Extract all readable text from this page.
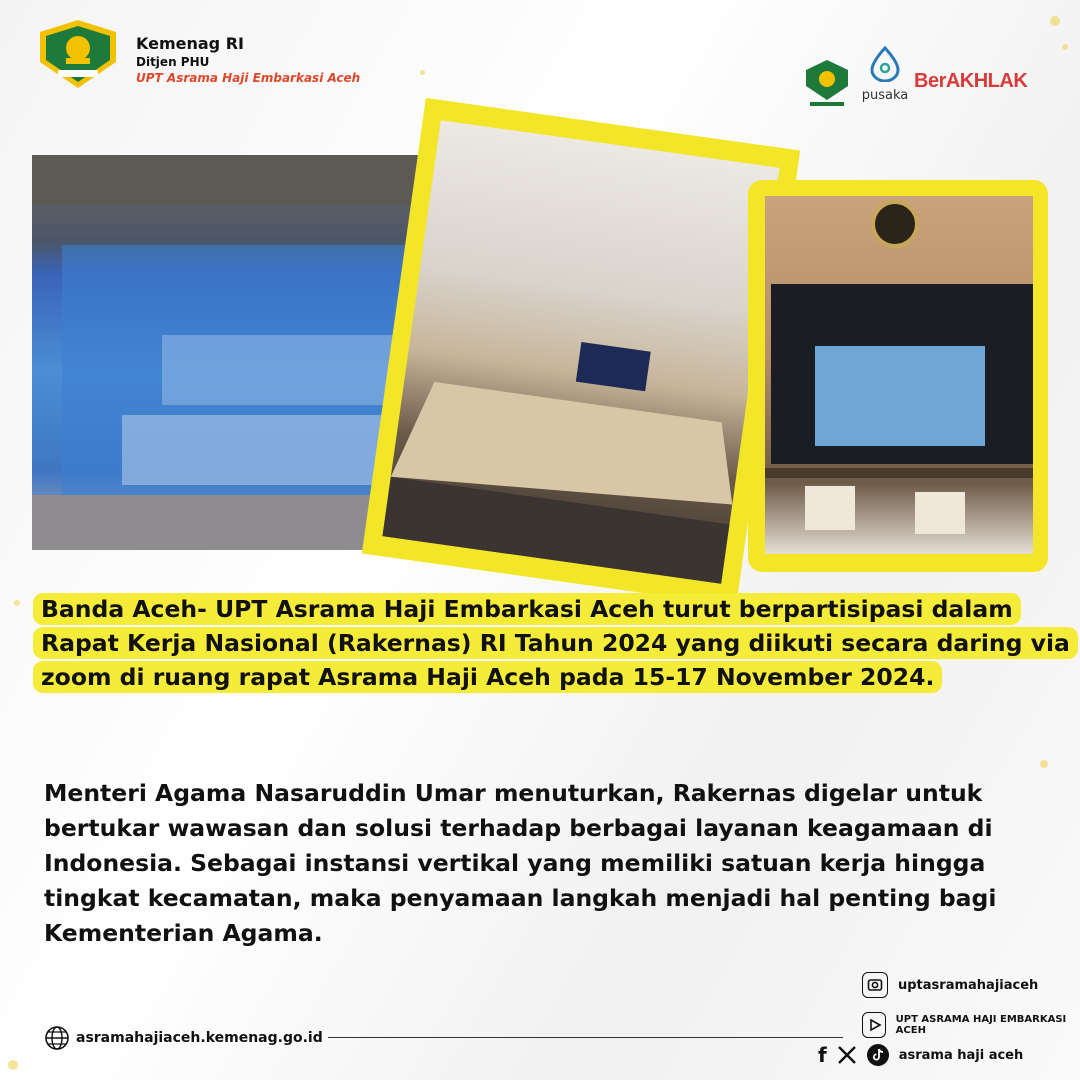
Kemenag RI
Ditjen PHU
UPT Asrama Haji Embarkasi Aceh
pusaka
BerAKHLAK
Banda Aceh- UPT Asrama Haji Embarkasi Aceh turut berpartisipasi dalam Rapat Kerja Nasional (Rakernas) RI Tahun 2024 yang diikuti secara daring via zoom di ruang rapat Asrama Haji Aceh pada 15-17 November 2024.

Menteri Agama Nasaruddin Umar menuturkan, Rakernas digelar untuk bertukar wawasan dan solusi terhadap berbagai layanan keagamaan di Indonesia. Sebagai instansi vertikal yang memiliki satuan kerja hingga tingkat kecamatan, maka penyamaan langkah menjadi hal penting bagi Kementerian Agama.

asramahajiaceh.kemenag.go.id
uptasramahajiaceh
UPT ASRAMA HAJI EMBARKASI ACEH
f	asrama haji aceh
